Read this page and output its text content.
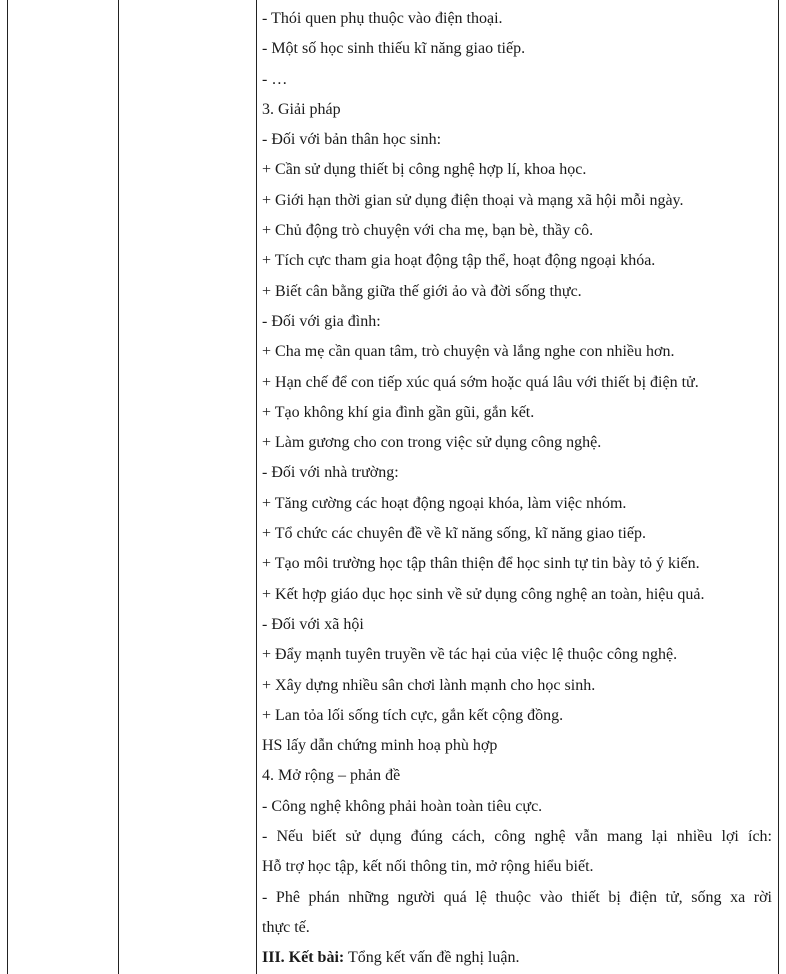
- Thói quen phụ thuộc vào điện thoại.
- Một số học sinh thiếu kĩ năng giao tiếp.
- …
3. Giải pháp
- Đối với bản thân học sinh:
+ Cần sử dụng thiết bị công nghệ hợp lí, khoa học.
+ Giới hạn thời gian sử dụng điện thoại và mạng xã hội mỗi ngày.
+ Chủ động trò chuyện với cha mẹ, bạn bè, thầy cô.
+ Tích cực tham gia hoạt động tập thể, hoạt động ngoại khóa.
+ Biết cân bằng giữa thế giới ảo và đời sống thực.
- Đối với gia đình:
+ Cha mẹ cần quan tâm, trò chuyện và lắng nghe con nhiều hơn.
+ Hạn chế để con tiếp xúc quá sớm hoặc quá lâu với thiết bị điện tử.
+ Tạo không khí gia đình gần gũi, gắn kết.
+ Làm gương cho con trong việc sử dụng công nghệ.
- Đối với nhà trường:
+ Tăng cường các hoạt động ngoại khóa, làm việc nhóm.
+ Tổ chức các chuyên đề về kĩ năng sống, kĩ năng giao tiếp.
+ Tạo môi trường học tập thân thiện để học sinh tự tin bày tỏ ý kiến.
+ Kết hợp giáo dục học sinh về sử dụng công nghệ an toàn, hiệu quả.
- Đối với xã hội
+ Đẩy mạnh tuyên truyền về tác hại của việc lệ thuộc công nghệ.
+ Xây dựng nhiều sân chơi lành mạnh cho học sinh.
+ Lan tỏa lối sống tích cực, gắn kết cộng đồng.
HS lấy dẫn chứng minh hoạ phù hợp
4. Mở rộng – phản đề
- Công nghệ không phải hoàn toàn tiêu cực.
- Nếu biết sử dụng đúng cách, công nghệ vẫn mang lại nhiều lợi ích:
Hỗ trợ học tập, kết nối thông tin, mở rộng hiểu biết.
- Phê phán những người quá lệ thuộc vào thiết bị điện tử, sống xa rời
thực tế.
III. Kết bài: Tổng kết vấn đề nghị luận.
